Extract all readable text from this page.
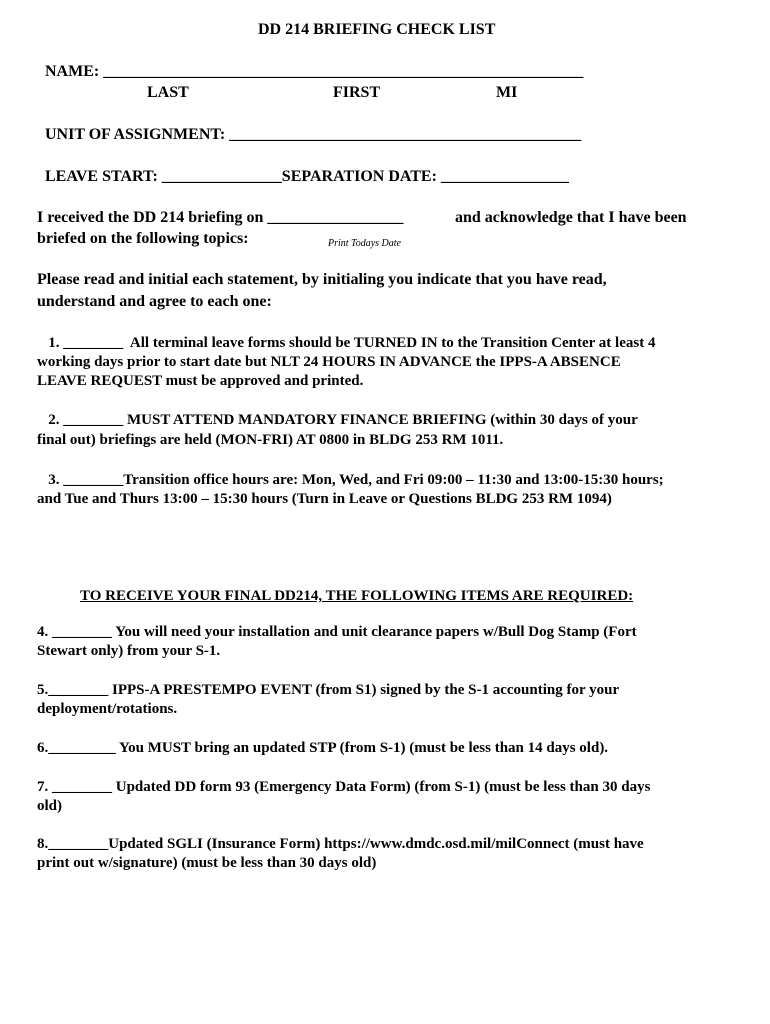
DD 214 BRIEFING CHECK LIST
NAME: ____________________________________________________________
LAST	FIRST	MI
UNIT OF ASSIGNMENT: ____________________________________________
LEAVE START: _______________SEPARATION DATE: ________________
I received the DD 214 briefing on _________________	and acknowledge that I have been
briefed on the following topics:	Print Todays Date
Please read and initial each statement, by initialing you indicate that you have read,
understand and agree to each one:
1. ________  All terminal leave forms should be TURNED IN to the Transition Center at least 4
working days prior to start date but NLT 24 HOURS IN ADVANCE the IPPS-A ABSENCE
LEAVE REQUEST must be approved and printed.
2. ________ MUST ATTEND MANDATORY FINANCE BRIEFING (within 30 days of your
final out) briefings are held (MON-FRI) AT 0800 in BLDG 253 RM 1011.
3. ________Transition office hours are: Mon, Wed, and Fri 09:00 – 11:30 and 13:00-15:30 hours;
and Tue and Thurs 13:00 – 15:30 hours (Turn in Leave or Questions BLDG 253 RM 1094)
TO RECEIVE YOUR FINAL DD214, THE FOLLOWING ITEMS ARE REQUIRED:
4. ________ You will need your installation and unit clearance papers w/Bull Dog Stamp (Fort
Stewart only) from your S-1.
5.________ IPPS-A PRESTEMPO EVENT (from S1) signed by the S-1 accounting for your
deployment/rotations.
6._________ You MUST bring an updated STP (from S-1) (must be less than 14 days old).
7. ________ Updated DD form 93 (Emergency Data Form) (from S-1) (must be less than 30 days
old)
8.________Updated SGLI (Insurance Form) https://www.dmdc.osd.mil/milConnect (must have
print out w/signature) (must be less than 30 days old)
